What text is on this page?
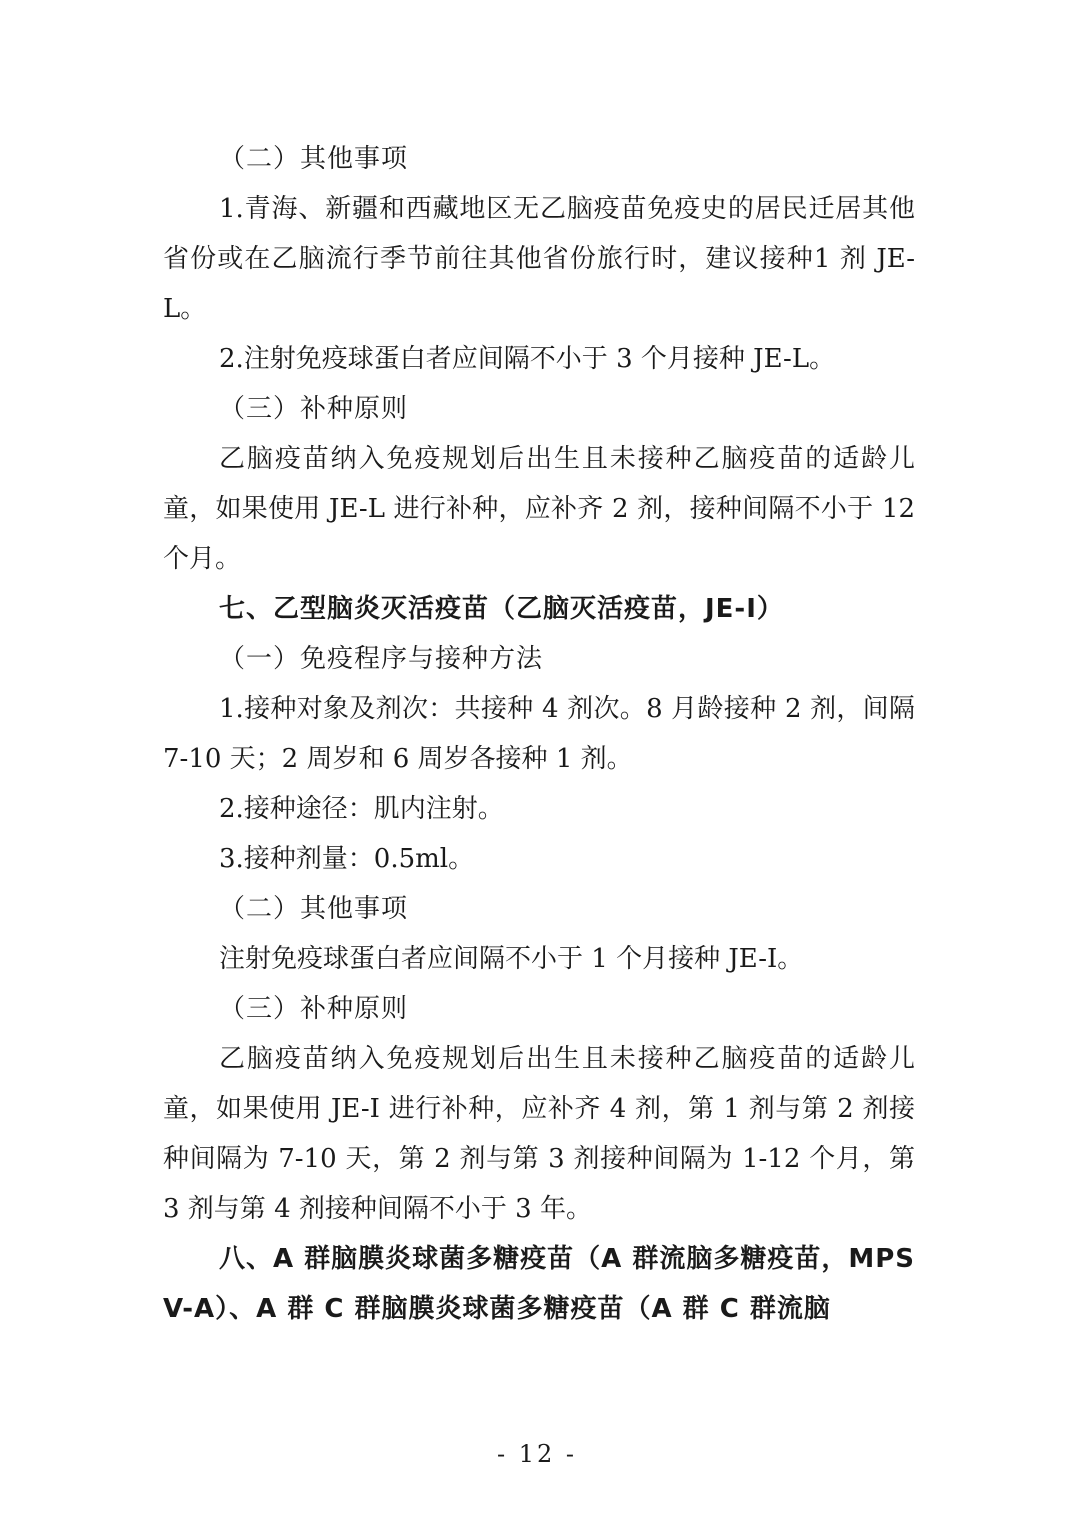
（二）其他事项

1.青海、新疆和西藏地区无乙脑疫苗免疫史的居民迁居其他省份或在乙脑流行季节前往其他省份旅行时，建议接种1 剂 JE-L。

2.注射免疫球蛋白者应间隔不小于 3 个月接种 JE-L。

（三）补种原则

乙脑疫苗纳入免疫规划后出生且未接种乙脑疫苗的适龄儿童，如果使用 JE-L 进行补种，应补齐 2 剂，接种间隔不小于 12 个月。

七、乙型脑炎灭活疫苗（乙脑灭活疫苗，JE-I）

（一）免疫程序与接种方法

1.接种对象及剂次：共接种 4 剂次。8 月龄接种 2 剂，间隔 7-10 天；2 周岁和 6 周岁各接种 1 剂。

2.接种途径：肌内注射。

3.接种剂量：0.5ml。

（二）其他事项

注射免疫球蛋白者应间隔不小于 1 个月接种 JE-I。

（三）补种原则

乙脑疫苗纳入免疫规划后出生且未接种乙脑疫苗的适龄儿童，如果使用 JE-I 进行补种，应补齐 4 剂，第 1 剂与第 2 剂接种间隔为 7-10 天，第 2 剂与第 3 剂接种间隔为 1-12 个月，第 3 剂与第 4 剂接种间隔不小于 3 年。

八、A 群脑膜炎球菌多糖疫苗（A 群流脑多糖疫苗，MPSV-A）、A 群 C 群脑膜炎球菌多糖疫苗（A 群 C 群流脑

- 12 -
